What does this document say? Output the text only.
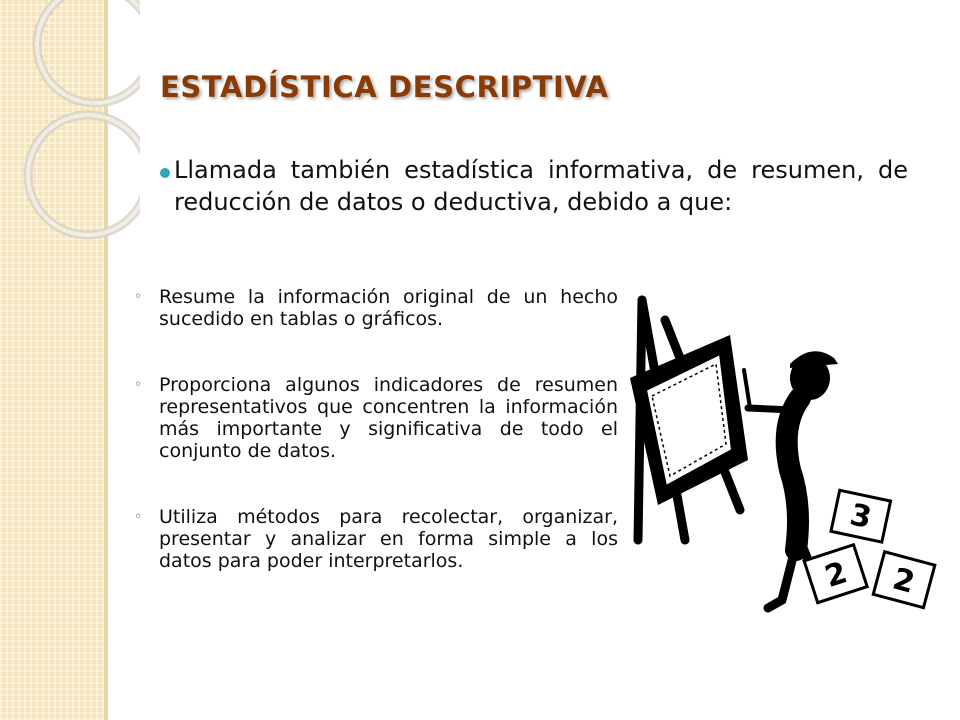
ESTADÍSTICA DESCRIPTIVA
Llamada también estadística informativa, de resumen, de reducción de datos o deductiva, debido a que:
◦ Resume la información original de un hecho sucedido en tablas o gráficos.
◦ Proporciona algunos indicadores de resumen representativos que concentren la información más importante y significativa de todo el conjunto de datos.
◦ Utiliza métodos para recolectar, organizar, presentar y analizar en forma simple a los datos para poder interpretarlos.
3
2 2
